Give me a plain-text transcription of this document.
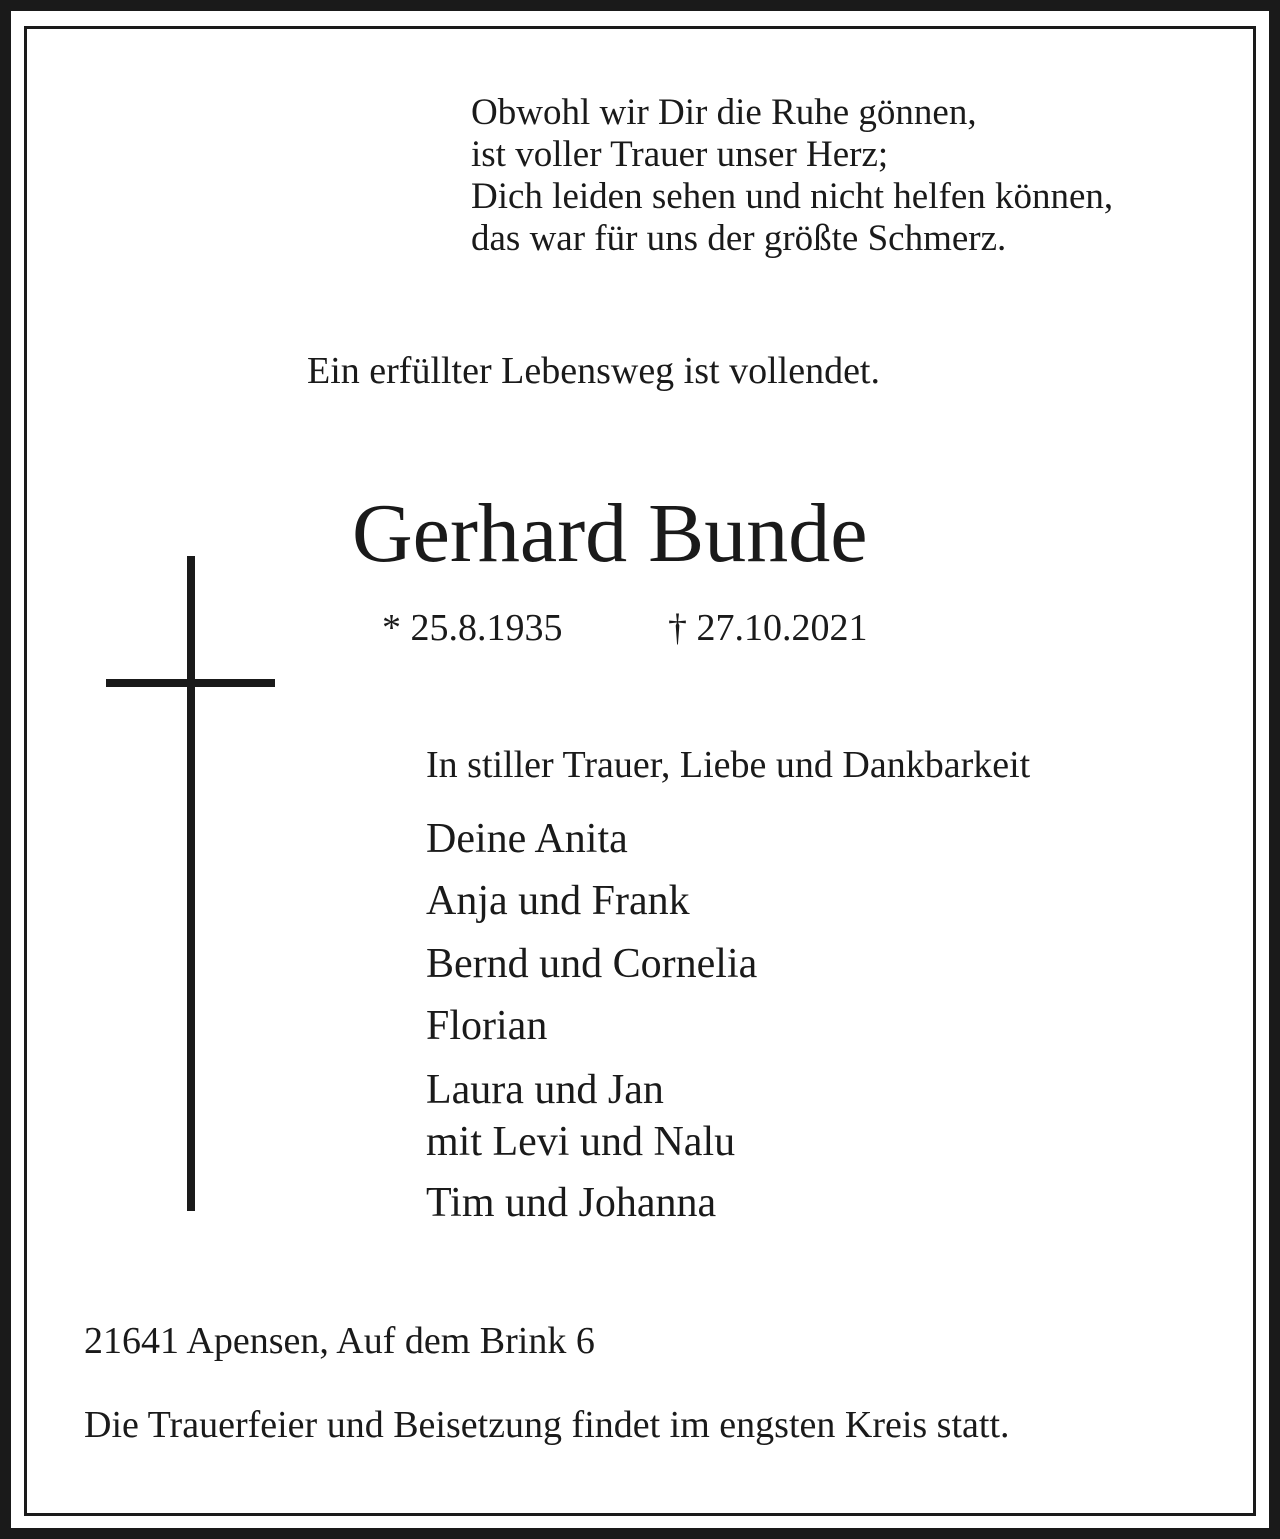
Obwohl wir Dir die Ruhe gönnen,
ist voller Trauer unser Herz;
Dich leiden sehen und nicht helfen können,
das war für uns der größte Schmerz.
Ein erfüllter Lebensweg ist vollendet.
Gerhard Bunde
* 25.8.1935	† 27.10.2021
In stiller Trauer, Liebe und Dankbarkeit
Deine Anita
Anja und Frank
Bernd und Cornelia
Florian
Laura und Jan
mit Levi und Nalu
Tim und Johanna
21641 Apensen, Auf dem Brink 6
Die Trauerfeier und Beisetzung findet im engsten Kreis statt.
